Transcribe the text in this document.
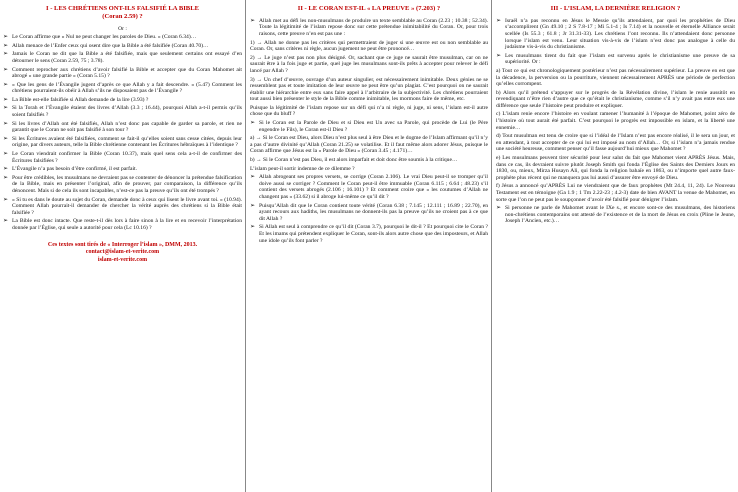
I - LES CHRÉTIENS ONT-ILS FALSIFIÉ LA BIBLE
(Coran 2.59) ?
Or :
➢ Le Coran affirme que « Nul ne peut changer les paroles de Dieu. » (Coran 6.34)…
➢ Allah menace de l’Enfer ceux qui osent dire que la Bible a été falsifiée (Coran 40.70)…
➢ Jamais le Coran ne dit que la Bible a été falsifiée, mais que seulement certains ont essayé d’en détourner le sens (Coran 2.59, 75 ; 3.78).
➢ Comment reprocher aux chrétiens d’avoir falsifié la Bible et accepter que du Coran Mahomet ait abrogé « une grande partie » (Coran 5.15) ?
➢ « Que les gens de l’Évangile jugent d’après ce que Allah y a fait descendre. » (5.47) Comment les chrétiens pourraient-ils obéir à Allah s’ils ne disposaient pas de l’Évangile ?
➢ La Bible est-elle falsifiée si Allah demande de la lire (3.93) ?
➢ Si la Torah et l’Évangile étaient des livres d’Allah (3.3 ; 16.44), pourquoi Allah a-t-il permis qu’ils soient falsifiés ?
➢ Si les livres d’Allah ont été falsifiés, Allah n’est donc pas capable de garder sa parole, et rien ne garantit que le Coran ne soit pas falsifié à son tour ?
➢ Si les Écritures avaient été falsifiées, comment se fait-il qu’elles soient sans cesse citées, depuis leur origine, par divers auteurs, telle la Bible chrétienne contenant les Écritures hébraïques à l’identique ?
➢ Le Coran viendrait confirmer la Bible (Coran 10.37), mais quel sens cela a-t-il de confirmer des Écritures falsifiées ?
➢ L’Évangile n’a pas besoin d’être confirmé, il est parfait.
➢ Pour être crédibles, les musulmans ne devraient pas se contenter de dénoncer la prétendue falsification de la Bible, mais en présenter l’original, afin de prouver, par comparaison, la différence qu’ils dénoncent. Mais si de cela ils sont incapables, n’est-ce pas la preuve qu’ils ont été trompés ?
➢ « Si tu es dans le doute au sujet du Coran, demande donc à ceux qui lisent le livre avant toi. » (10.94). Comment Allah pourrait-il demander de chercher la vérité auprès des chrétiens si la Bible était falsifiée ?
➢ La Bible est donc intacte. Que reste-t-il dès lors à faire sinon à la lire et en recevoir l’interprétation donnée par l’Église, qui seule a autorité pour cela (Lc 10.16) ?
Ces textes sont tirés de « Interroger l’islam », DMM, 2013.
contact@islam-et-verite.com
islam-et-verite.com
II - LE CORAN EST-IL « LA PREUVE » (7.203) ?
➢ Allah met au défi les non-musulmans de produire un texte semblable au Coran (2.23 ; 10.38 ; 52.34). Toute la légitimité de l’islam repose donc sur cette prétendue inimitabilité du Coran. Or, pour trois raisons, cette preuve n’en est pas une :
1) → Allah ne donne pas les critères qui permettraient de juger si une œuvre est ou non semblable au Coran. Or, sans critères ni règle, aucun jugement ne peut être prononcé…
2) → Le juge n’est pas non plus désigné. Or, sachant que ce juge ne saurait être musulman, car on ne saurait être à la fois juge et partie, quel juge les musulmans sont-ils prêts à accepter pour relever le défi lancé par Allah ?
3) → Un chef d’œuvre, ouvrage d’un auteur singulier, est nécessairement inimitable. Deux génies ne se ressemblent pas et toute imitation de leur œuvre ne peut être qu’un plagiat. C’est pourquoi on ne saurait établir une hiérarchie entre eux sans faire appel à l’arbitraire de la subjectivité. Les chrétiens pourraient tout aussi bien présenter le style de la Bible comme inimitable, les mormons faire de même, etc.
Puisque la légitimité de l’islam repose sur un défi qui n’a ni règle, ni juge, ni sens, l’islam est-il autre chose que du bluff ?
➢ Si le Coran est la Parole de Dieu et si Dieu est Un avec sa Parole, qui procède de Lui (le Père engendre le Fils), le Coran est-il Dieu ?
a) → Si le Coran est Dieu, alors Dieu n’est plus seul à être Dieu et le dogme de l’Islam affirmant qu’il n’y a pas d’autre divinité qu’Allah (Coran 21.25) se volatilise. Et il faut même alors adorer Jésus, puisque le Coran affirme que Jésus est la « Parole de Dieu » (Coran 3.45 ; 4.171)…
b) → Si le Coran n’est pas Dieu, il est alors imparfait et doit donc être soumis à la critique…
L’islam peut-il sortir indemne de ce dilemme ?
➢ Allah abrogeant ses propres versets, se corrige (Coran 2.106). Le vrai Dieu peut-il se tromper qu’il doive aussi se corriger ? Comment le Coran peut-il être immuable (Coran 6.115 ; 6.64 ; 48.23) s’il contient des versets abrogés (2.106 ; 16.101) ? Et comment croire que « les coutumes d’Allah ne changent pas » (33.62) si il abroge lui-même ce qu’il dit ?
➢ Puisqu’Allah dit que le Coran contient toute vérité (Coran 6.38 ; 7.145 ; 12.111 ; 16.89 ; 22.70), en ayant recours aux hadiths, les musulmans ne donnent-ils pas la preuve qu’ils ne croient pas à ce que dit Allah ?
➢ Si Allah est seul à comprendre ce qu’il dit (Coran 3.7), pourquoi le dit-il ? Et pourquoi cite le Coran ? Et les imams qui prétendent expliquer le Coran, sont-ils alors autre chose que des imposteurs, et Allah une idole qu’ils font parler ?
III - L’ISLAM, LA DERNIÈRE RELIGION ?
➢ Israël n’a pas reconnu en Jésus le Messie qu’ils attendaient, par quoi les prophéties de Dieu s’accomplirent (Gn 49.10 ; 2 S 7.8-17 ; Mi 5.1-4 ; Is 7.14) et la nouvelle et éternelle Alliance serait scellée (Is 55.3 ; 61.8 ; Jr 31.31-33). Les chrétiens l’ont reconnu. Ils n’attendaient donc personne lorsque l’islam est venu. Leur situation vis-à-vis de l’islam n’est donc pas analogue à celle du judaïsme vis-à-vis du christianisme.
➢ Les musulmans tirent du fait que l’islam est survenu après le christianisme une preuve de sa supériorité. Or :
a) Tout ce qui est chronologiquement postérieur n’est pas nécessairement supérieur. La preuve en est que la décadence, la perversion ou la pourriture, viennent nécessairement APRÈS une période de perfection qu’elles corrompent.
b) Alors qu’il prétend s’appuyer sur le progrès de la Révélation divine, l’islam le renie aussitôt en revendiquant n’être rien d’autre que ce qu’était le christianisme, comme s’il n’y avait pas entre eux une différence que seule l’histoire peut produire et expliquer.
c) L’islam renie encore l’histoire en voulant ramener l’humanité à l’époque de Mahomet, point zéro de l’histoire où tout aurait été parfait. C’est pourquoi le progrès est impossible en islam, et la liberté une ennemie…
d) Tout musulman est tenu de croire que si l’idéal de l’Islam n’est pas encore réalisé, il le sera un jour, et en attendant, à tout accepter de ce qui lui est imposé au nom d’Allah… Or, si l’islam n’a jamais rendue une société heureuse, comment penser qu’il fasse aujourd’hui mieux que Mahomet ?
e) Les musulmans peuvent tirer sécurité pour leur salut du fait que Mahomet vient APRÈS Jésus. Mais, dans ce cas, ils devraient suivre plutôt Joseph Smith qui fonda l’Église des Saints des Derniers Jours en 1830, ou, mieux, Mirza Husayn Ali, qui fonda la religion bahaïe en 1863, ou n’importe quel autre faux-prophète plus récent qui ne manquera pas lui aussi d’assurer être envoyé de Dieu.
f) Jésus a annoncé qu’APRÈS Lui ne viendraient que de faux prophètes (Mt 24.4, 11, 24). Le Nouveau Testament est en témoigne (Ga 1.9 ; 1 Tm 2.22-23 ; 4.2-3) date de bien AVANT la venue de Mahomet, en sorte que l’on ne peut pas le soupçonner d’avoir été falsifié pour dénigrer l’islam.
➢ Si personne ne parle de Mahomet avant le IXe s., et encore sont-ce des musulmans, des historiens non-chrétiens contemporains ont attesté de l’existence et de la mort de Jésus en croix (Pline le Jeune, Joseph l’Ancien, etc.)…
